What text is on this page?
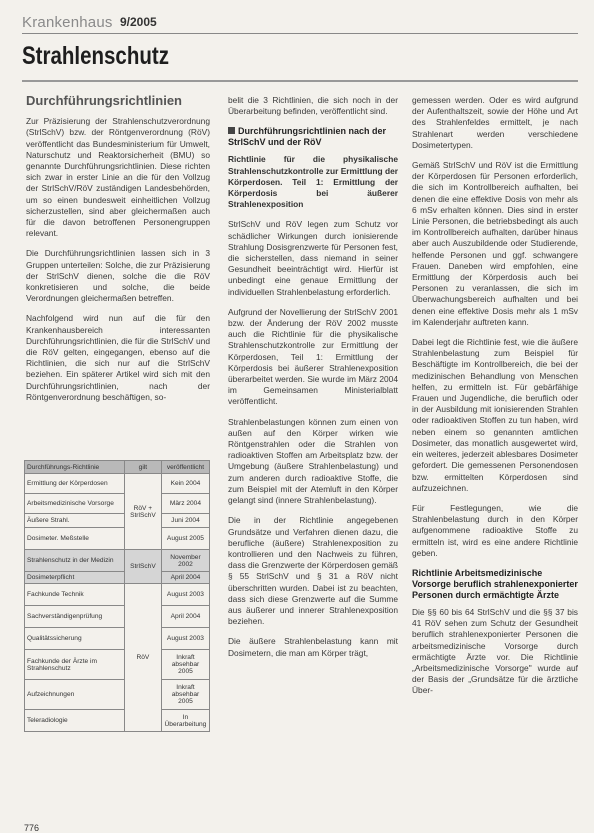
Krankenhaus 9/2005
Strahlenschutz
Durchführungsrichtlinien

Zur Präzisierung der Strahlenschutzverordnung (StrlSchV) bzw. der Röntgenverordnung (RöV) veröffentlicht das Bundesministerium für Umwelt, Naturschutz und Reaktorsicherheit (BMU) so genannte Durchführungsrichtlinien. Diese richten sich zwar in erster Linie an die für den Vollzug der StrlSchV/RöV zuständigen Landesbehörden, um so einen bundesweit einheitlichen Vollzug sicherzustellen, sind aber gleichermaßen auch für die davon betroffenen Personengruppen relevant.

Die Durchführungsrichtlinien lassen sich in 3 Gruppen unterteilen: Solche, die zur Präzisierung der StrlSchV dienen, solche die die RöV konkretisieren und solche, die beide Verordnungen gleichermaßen betreffen.

Nachfolgend wird nun auf die für den Krankenhausbereich interessanten Durchführungsrichtlinien, die für die StrlSchV und die RöV gelten, eingegangen, ebenso auf die Richtlinien, die sich nur auf die StrlSchV beziehen. Ein späterer Artikel wird sich mit den Durchführungsrichtlinien, nach der Röntgenverordnung beschäftigen, so-

Durchführungs-Richtlinie	gilt	veröffentlicht
Ermittlung der Körperdosen	RöV + StrlSchV	Kein 2004
Arbeitsmedizinische Vorsorge		März 2004
Äußere Strahl.		Juni 2004
Dosimeter. Meßstelle		August 2005
Strahlenschutz in der Medizin	StrlSchV	November 2002
Dosimeterpflicht		April 2004
Fachkunde Technik	RöV	August 2003
Sachverständigenprüfung		April 2004
Qualitätssicherung		August 2003
Fachkunde der Ärzte im Strahlenschutz		Inkraft absehbar 2005
Aufzeichnungen		Inkraft absehbar 2005
Teleradiologie		In Überarbeitung

belit die 3 Richtlinien, die sich noch in der Überarbeitung befinden, veröffentlicht sind.

Durchführungsrichtlinien nach der StrlSchV und der RöV

Richtlinie für die physikalische Strahlenschutzkontrolle zur Ermittlung der Körperdosen. Teil 1: Ermittlung der Körperdosis bei äußerer Strahlenexposition

StrlSchV und RöV legen zum Schutz vor schädlicher Wirkungen durch ionisierende Strahlung Dosisgrenzwerte für Personen fest, die sicherstellen, dass niemand in seiner Gesundheit beeinträchtigt wird. Hierfür ist unbedingt eine genaue Ermittlung der individuellen Strahlenbelastung erforderlich.

Aufgrund der Novellierung der StrlSchV 2001 bzw. der Änderung der RöV 2002 musste auch die Richtlinie für die physikalische Strahlenschutzkontrolle zur Ermittlung der Körperdosen, Teil 1: Ermittlung der Körperdosis bei äußerer Strahlenexposition überarbeitet werden. Sie wurde im März 2004 im Gemeinsamen Ministerialblatt veröffentlicht.

Strahlenbelastungen können zum einen von außen auf den Körper wirken wie Röntgenstrahlen oder die Strahlen von radioaktiven Stoffen am Arbeitsplatz bzw. der Umgebung (äußere Strahlenbelastung) und zum anderen durch radioaktive Stoffe, die zum Beispiel mit der Atemluft in den Körper gelangt sind (innere Strahlenbelastung).

Die in der Richtlinie angegebenen Grundsätze und Verfahren dienen dazu, die berufliche (äußere) Strahlenexposition zu kontrollieren und den Nachweis zu führen, dass die Grenzwerte der Körperdosen gemäß § 55 StrlSchV und § 31 a RöV nicht überschritten wurden. Dabei ist zu beachten, dass sich diese Grenzwerte auf die Summe aus äußerer und innerer Strahlenexposition beziehen.

Die äußere Strahlenbelastung kann mit Dosimetern, die man am Körper trägt,

gemessen werden. Oder es wird aufgrund der Aufenthaltszeit, sowie der Höhe und Art des Strahlenfeldes ermittelt, je nach Strahlenart werden verschiedene Dosimetertypen.

Gemäß StrlSchV und RöV ist die Ermittlung der Körperdosen für Personen erforderlich, die sich im Kontrollbereich aufhalten, bei denen die eine effektive Dosis von mehr als 6 mSv erhalten können. Dies sind in erster Linie Personen, die betriebsbedingt als auch im Kontrollbereich aufhalten, darüber hinaus aber auch Auszubildende oder Studierende, helfende Personen und ggf. schwangere Frauen. Daneben wird empfohlen, eine Ermittlung der Körperdosis auch bei Personen zu veranlassen, die sich im Überwachungsbereich aufhalten und bei denen eine effektive Dosis mehr als 1 mSv im Kalenderjahr auftreten kann.

Dabei legt die Richtlinie fest, wie die äußere Strahlenbelastung zum Beispiel für Beschäftigte im Kontrollbereich, die bei der medizinischen Behandlung von Menschen helfen, zu ermitteln ist. Für gebärfähige Frauen und Jugendliche, die beruflich oder in der Ausbildung mit ionisierenden Strahlen oder radioaktiven Stoffen zu tun haben, wird neben einem so genannten amtlichen Dosimeter, das monatlich ausgewertet wird, ein weiteres, jederzeit ablesbares Dosimeter gefordert. Die gemessenen Personendosen bzw. ermittelten Körperdosen sind aufzuzeichnen.

Für Festlegungen, wie die Strahlenbelastung durch in den Körper aufgenommene radioaktive Stoffe zu ermitteln ist, wird es eine andere Richtlinie geben.

Richtlinie Arbeitsmedizinische Vorsorge beruflich strahlenexponierter Personen durch ermächtigte Ärzte

Die §§ 60 bis 64 StrlSchV und die §§ 37 bis 41 RöV sehen zum Schutz der Gesundheit beruflich strahlenexponierter Personen die arbeitsmedizinische Vorsorge durch ermächtigte Ärzte vor. Die Richtlinie „Arbeitsmedizinische Vorsorge" wurde auf der Basis der „Grundsätze für die ärztliche Über-

776
